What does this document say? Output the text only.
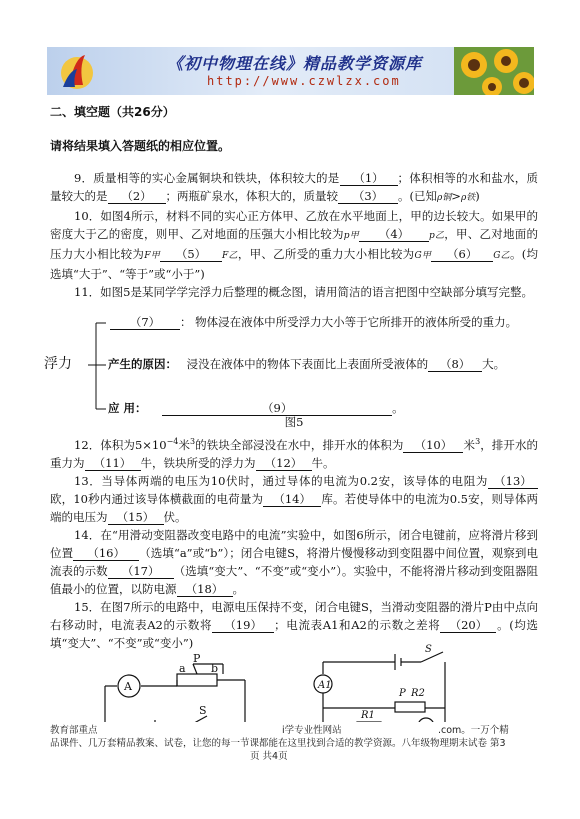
《初中物理在线》精品教学资源库
http://www.czwlzx.com
二、填空题（共26分）
请将结果填入答题纸的相应位置。
9．质量相等的实心金属铜块和铁块，体积较大的是 （1） ；体积相等的水和盐水，质量较大的是 （2） ；两瓶矿泉水，体积大的，质量较 （3） 。(已知ρ铜>ρ铁)
10．如图4所示，材料不同的实心正方体甲、乙放在水平地面上，甲的边长较大。如果甲的密度大于乙的密度，则甲、乙对地面的压强大小相比较为p甲 （4） p乙，甲、乙对地面的压力大小相比较为F甲 （5） F乙，甲、乙所受的重力大小相比较为G甲 （6） G乙。(均选填“大于”、“等于”或“小于”)
11．如图5是某同学学完浮力后整理的概念图，请用简洁的语言把图中空缺部分填写完整。
浮力
（7） ： 物体浸在液体中所受浮力大小等于它所排开的液体所受的重力。
产生的原因： 浸没在液体中的物体下表面比上表面所受液体的 （8） 大。
应 用：	（9）	。
图5
12．体积为$5\times 10^{-4}$米$^3$的铁块全部浸没在水中，排开水的体积为 （10） 米$^3$，排开水的重力为 （11） 牛，铁块所受的浮力为 （12） 牛。
13．当导体两端的电压为10伏时，通过导体的电流为0.2安，该导体的电阻为 （13）欧，10秒内通过该导体横截面的电荷量为 （14） 库。若使导体中的电流为0.5安，则导体两端的电压为 （15） 伏。
14．在“用滑动变阻器改变电路中的电流”实验中，如图6所示，闭合电键前，应将滑片移到位置 （16） （选填“a”或“b”）；闭合电键S，将滑片慢慢移动到变阻器中间位置，观察到电流表的示数 （17） （选填“变大”、“不变”或“变小”）。实验中，不能将滑片移动到变阻器阻值最小的位置，以防电源 （18） 。
15．在图7所示的电路中，电源电压保持不变，闭合电键S，当滑动变阻器的滑片P由中点向右移动时，电流表A2的示数将 （19） ；电流表A1和A2的示数之差将 （20） 。(均选填“变大”、“不变”或“变小”)
A
a
P
b
S
A1
S
P R2
R1
教育部重点	i学专业性网站	.com。一万个精
品课件、几万套精品教案、试卷，让您的每一节课都能在这里找到合适的教学资源。八年级物理期末试卷 第3
页 共4页
